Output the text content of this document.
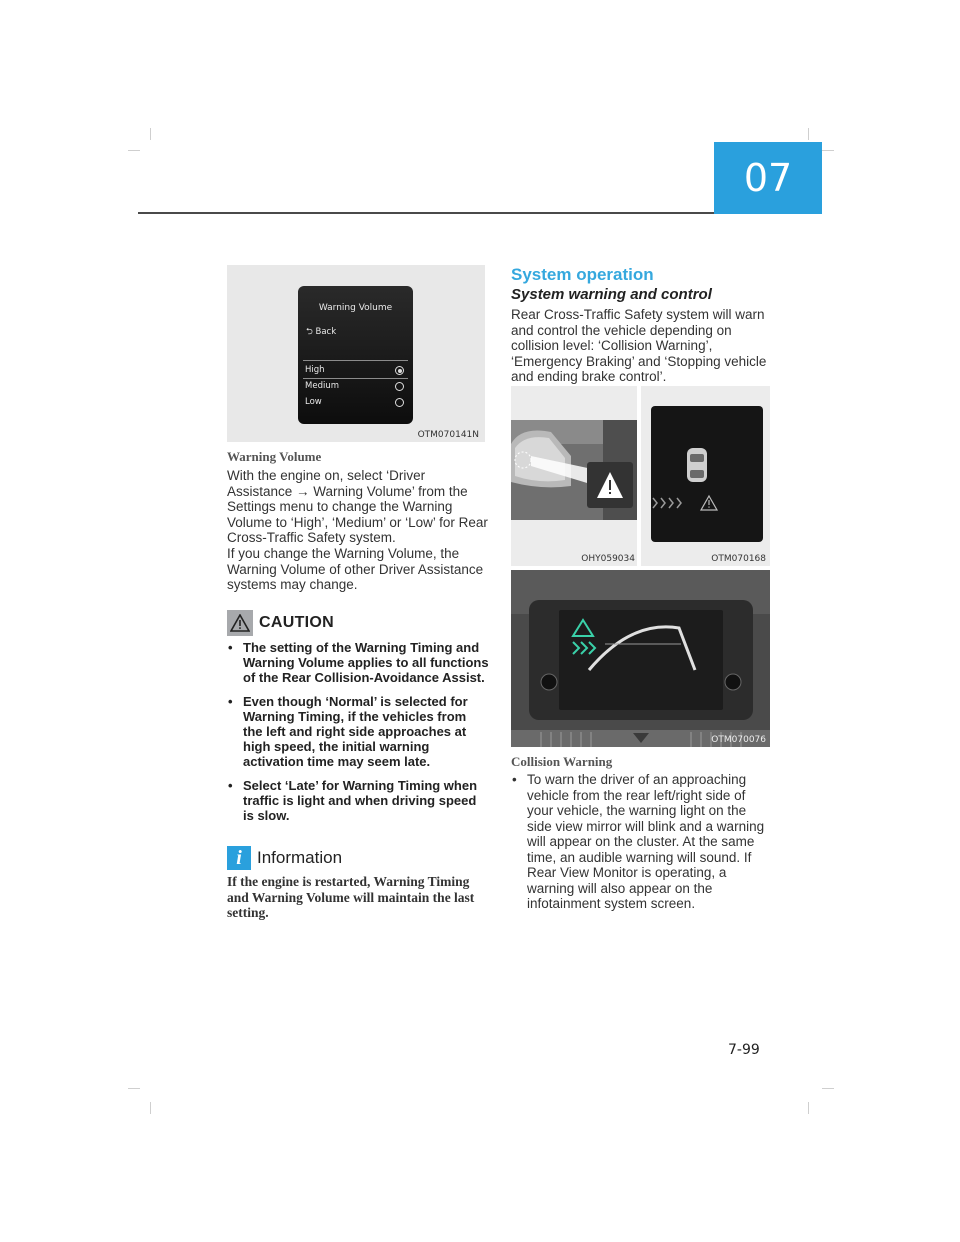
07
Warning Volume
⮌ Back
High
Medium
Low
OTM070141N
Warning Volume
With the engine on, select ‘Driver Assistance → Warning Volume’ from the Settings menu to change the Warning Volume to ‘High’, ‘Medium’ or ‘Low’ for Rear Cross-Traffic Safety system.
If you change the Warning Volume, the Warning Volume of other Driver Assistance systems may change.
CAUTION
• The setting of the Warning Timing and Warning Volume applies to all functions of the Rear Collision-Avoidance Assist.
• Even though ‘Normal’ is selected for Warning Timing, if the vehicles from the left and right side approaches at high speed, the initial warning activation time may seem late.
• Select ‘Late’ for Warning Timing when traffic is light and when driving speed is slow.
i Information
If the engine is restarted, Warning Timing and Warning Volume will maintain the last setting.
System operation
System warning and control
Rear Cross-Traffic Safety system will warn and control the vehicle depending on collision level: ‘Collision Warning’, ‘Emergency Braking’ and ‘Stopping vehicle and ending brake control’.
OHY059034	OTM070168
OTM070076
Collision Warning
• To warn the driver of an approaching vehicle from the rear left/right side of your vehicle, the warning light on the side view mirror will blink and a warning will appear on the cluster. At the same time, an audible warning will sound. If Rear View Monitor is operating, a warning will also appear on the infotainment system screen.
7-99
